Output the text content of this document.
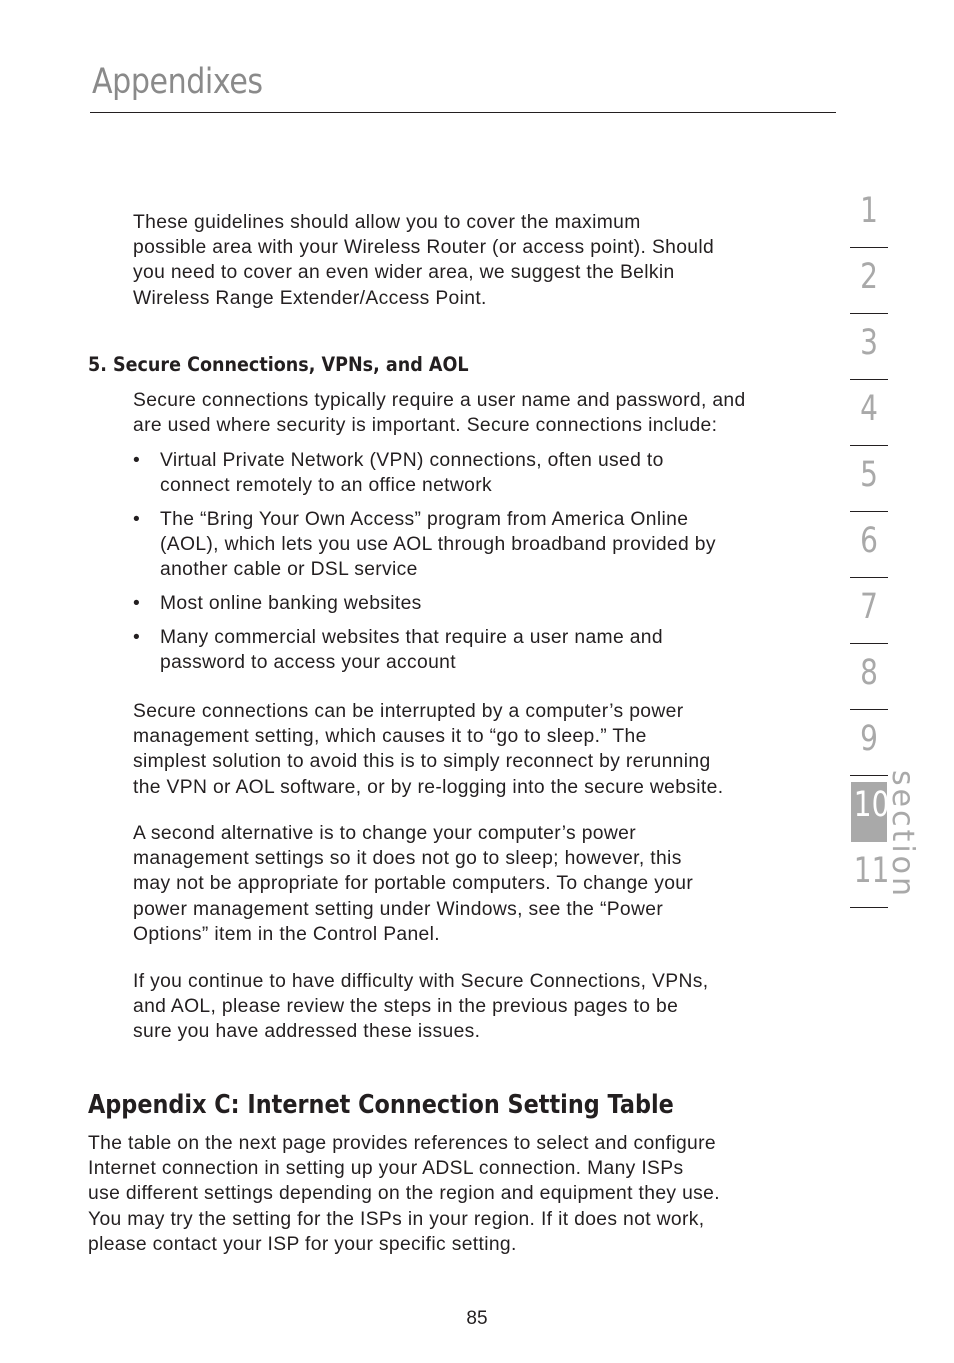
Appendixes

These guidelines should allow you to cover the maximum
possible area with your Wireless Router (or access point). Should
you need to cover an even wider area, we suggest the Belkin
Wireless Range Extender/Access Point.

5. Secure Connections, VPNs, and AOL

Secure connections typically require a user name and password, and
are used where security is important. Secure connections include:

• Virtual Private Network (VPN) connections, often used to
connect remotely to an office network
• The “Bring Your Own Access” program from America Online
(AOL), which lets you use AOL through broadband provided by
another cable or DSL service
• Most online banking websites
• Many commercial websites that require a user name and
password to access your account

Secure connections can be interrupted by a computer’s power
management setting, which causes it to “go to sleep.” The
simplest solution to avoid this is to simply reconnect by rerunning
the VPN or AOL software, or by re-logging into the secure website.

A second alternative is to change your computer’s power
management settings so it does not go to sleep; however, this
may not be appropriate for portable computers. To change your
power management setting under Windows, see the “Power
Options” item in the Control Panel.

If you continue to have difficulty with Secure Connections, VPNs,
and AOL, please review the steps in the previous pages to be
sure you have addressed these issues.

Appendix C: Internet Connection Setting Table

The table on the next page provides references to select and configure
Internet connection in setting up your ADSL connection. Many ISPs
use different settings depending on the region and equipment they use.
You may try the setting for the ISPs in your region. If it does not work,
please contact your ISP for your specific setting.

85
1
2
3
4
5
6
7
8
9
10
11
section
